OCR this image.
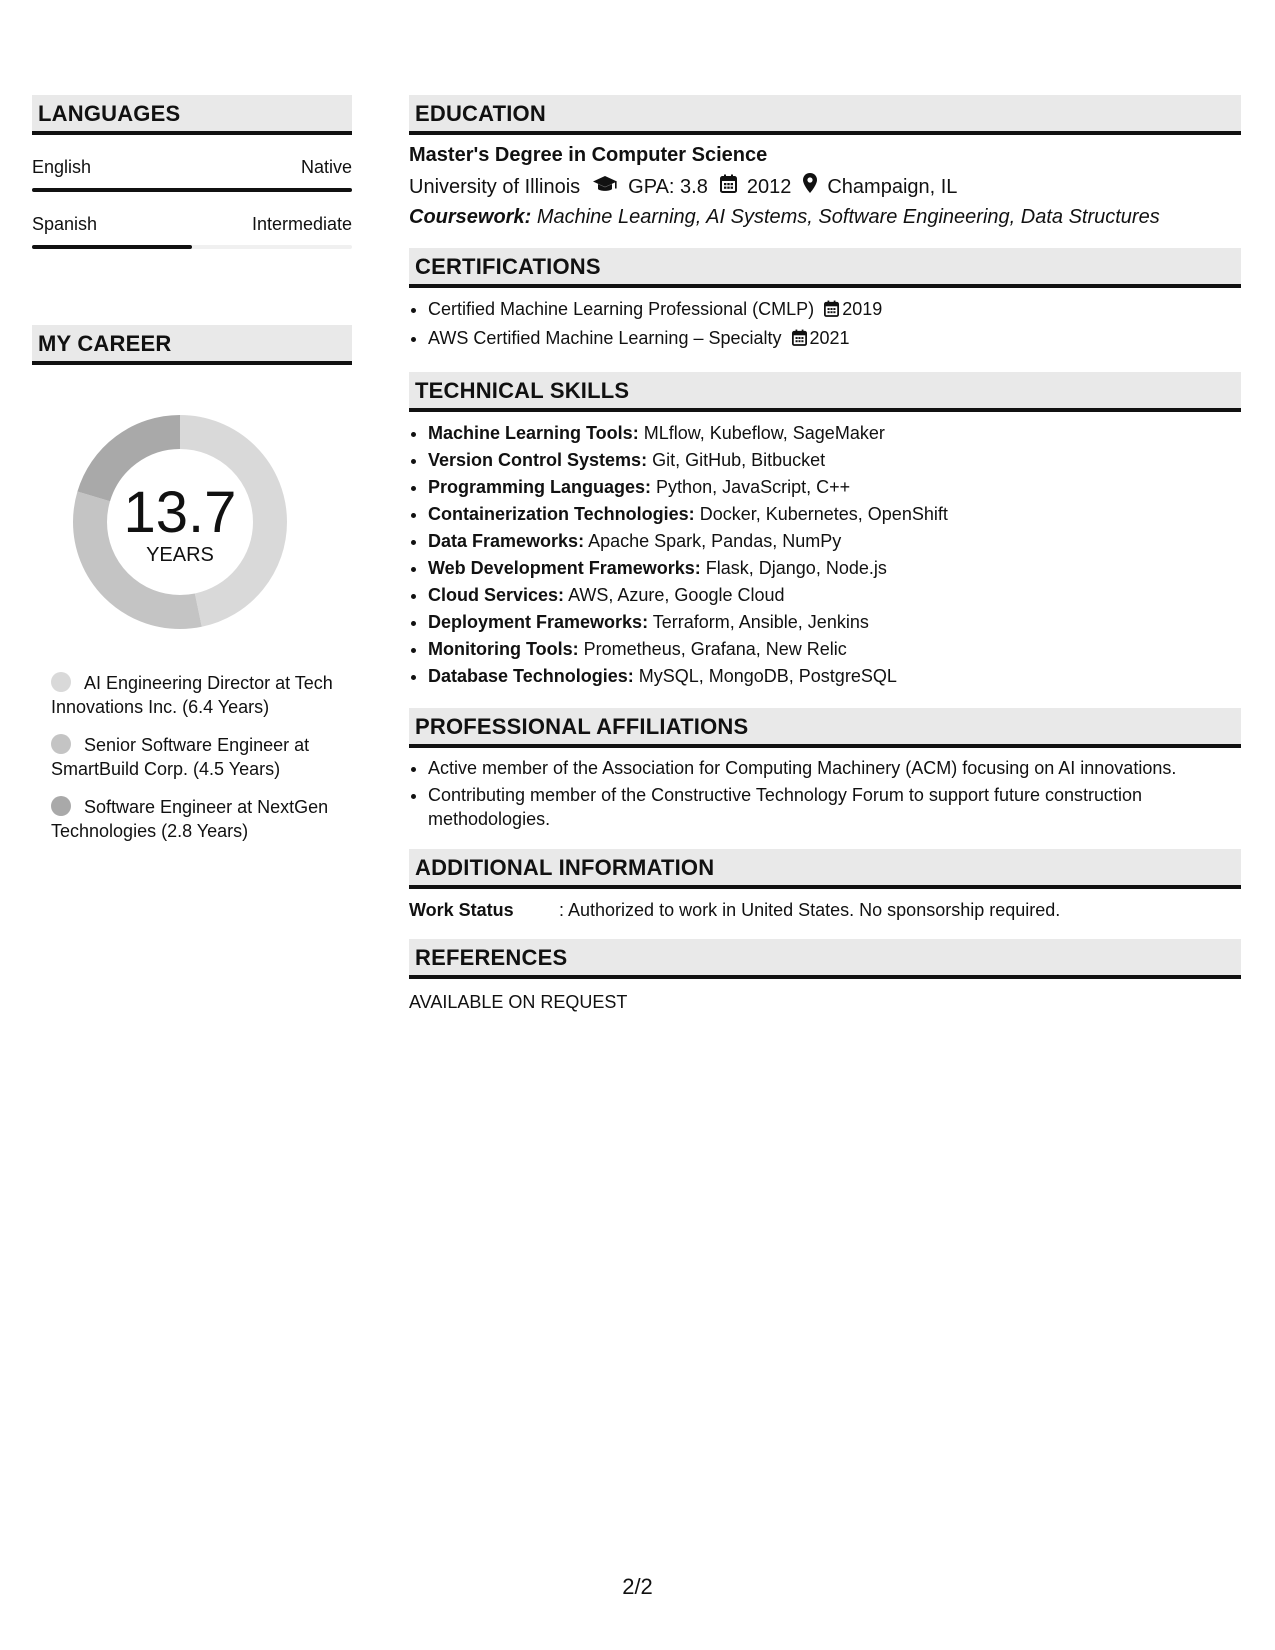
LANGUAGES
English	Native
Spanish	Intermediate
MY CAREER
13.7
YEARS
AI Engineering Director at Tech Innovations Inc. (6.4 Years)
Senior Software Engineer at SmartBuild Corp. (4.5 Years)
Software Engineer at NextGen Technologies (2.8 Years)
EDUCATION
Master's Degree in Computer Science
University of Illinois GPA: 3.8 2012 Champaign, IL
Coursework: Machine Learning, AI Systems, Software Engineering, Data Structures
CERTIFICATIONS
• Certified Machine Learning Professional (CMLP) 2019
• AWS Certified Machine Learning – Specialty 2021
TECHNICAL SKILLS
• Machine Learning Tools: MLflow, Kubeflow, SageMaker
• Version Control Systems: Git, GitHub, Bitbucket
• Programming Languages: Python, JavaScript, C++
• Containerization Technologies: Docker, Kubernetes, OpenShift
• Data Frameworks: Apache Spark, Pandas, NumPy
• Web Development Frameworks: Flask, Django, Node.js
• Cloud Services: AWS, Azure, Google Cloud
• Deployment Frameworks: Terraform, Ansible, Jenkins
• Monitoring Tools: Prometheus, Grafana, New Relic
• Database Technologies: MySQL, MongoDB, PostgreSQL
PROFESSIONAL AFFILIATIONS
• Active member of the Association for Computing Machinery (ACM) focusing on AI innovations.
• Contributing member of the Constructive Technology Forum to support future construction methodologies.
ADDITIONAL INFORMATION
Work Status	: Authorized to work in United States. No sponsorship required.
REFERENCES
AVAILABLE ON REQUEST
2/2
